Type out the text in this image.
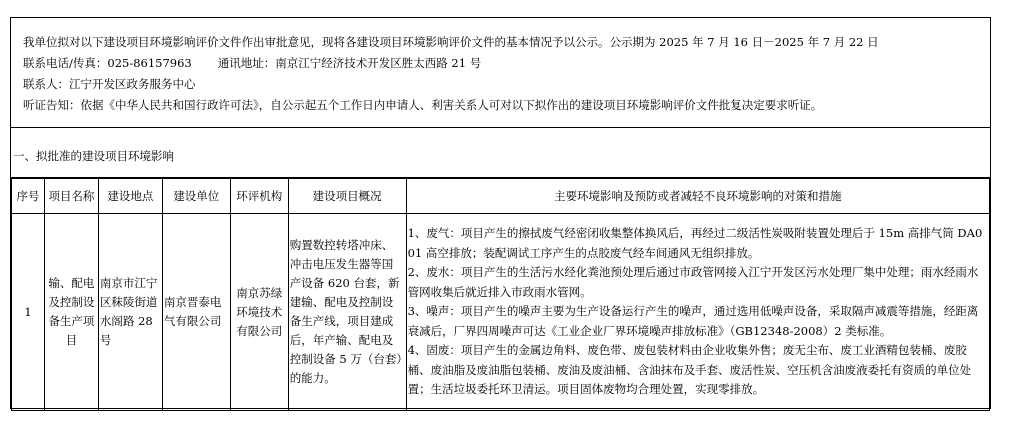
我单位拟对以下建设项目环境影响评价文件作出审批意见，现将各建设项目环境影响评价文件的基本情况予以公示。公示期为 2025 年 7 月 16 日－2025 年 7 月 22 日
联系电话/传真：025-86157963 通讯地址：南京江宁经济技术开发区胜太西路 21 号
联系人：江宁开发区政务服务中心
听证告知：依据《中华人民共和国行政许可法》，自公示起五个工作日内申请人、利害关系人可对以下拟作出的建设项目环境影响评价文件批复决定要求听证。
一、拟批准的建设项目环境影响
序号	项目名称	建设地点	建设单位	环评机构	建设项目概况	主要环境影响及预防或者减轻不良环境影响的对策和措施
1	输、配电及控制设备生产项目	南京市江宁区秣陵街道水阁路 28 号	南京晋泰电气有限公司	南京苏绿环境技术有限公司	购置数控转塔冲床、冲击电压发生器等国产设备 620 台套，新建输、配电及控制设备生产线，项目建成后，年产输、配电及控制设备 5 万（台套）的能力。	1、废气：项目产生的擦拭废气经密闭收集整体换风后，再经过二级活性炭吸附装置处理后于 15m 高排气筒 DA001 高空排放；装配调试工序产生的点胶废气经车间通风无组织排放。
2、废水：项目产生的生活污水经化粪池预处理后通过市政管网接入江宁开发区污水处理厂集中处理；雨水经雨水管网收集后就近排入市政雨水管网。
3、噪声：项目产生的噪声主要为生产设备运行产生的噪声，通过选用低噪声设备，采取隔声减震等措施，经距离衰减后，厂界四周噪声可达《工业企业厂界环境噪声排放标准》（GB12348-2008）2 类标准。
4、固废：项目产生的金属边角料、废色带、废包装材料由企业收集外售；废无尘布、废工业酒精包装桶、废胶桶、废油脂及废油脂包装桶、废油及废油桶、含油抹布及手套、废活性炭、空压机含油废液委托有资质的单位处置；生活垃圾委托环卫清运。项目固体废物均合理处置，实现零排放。
